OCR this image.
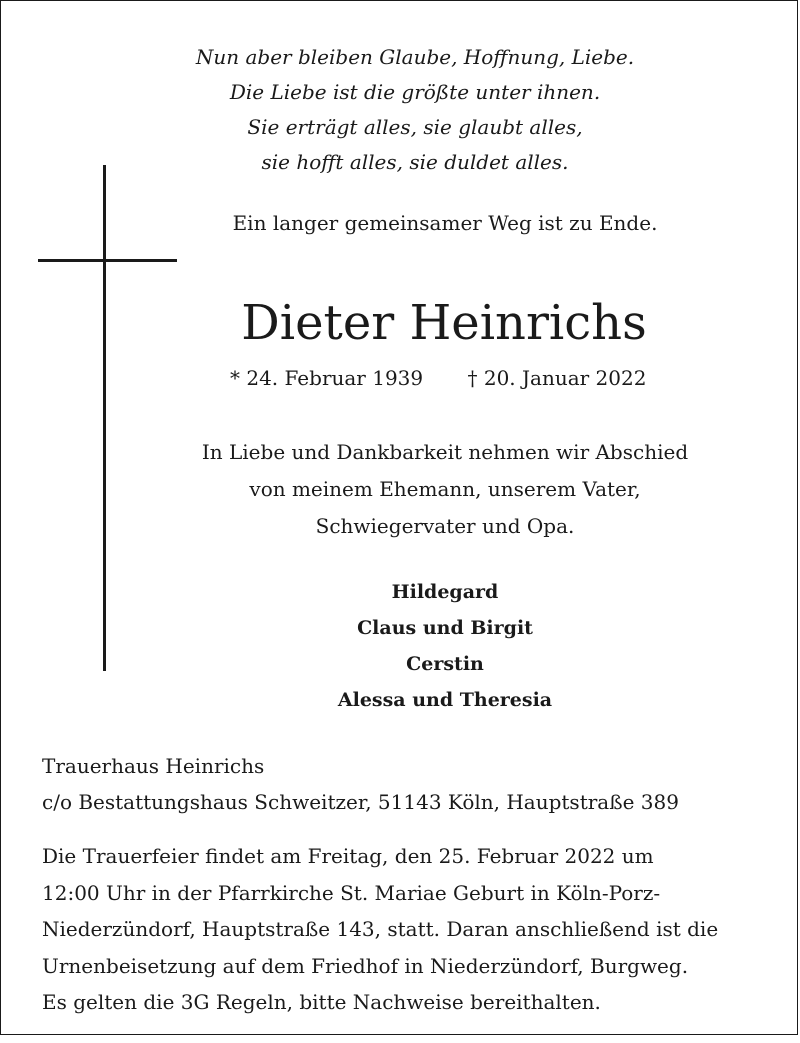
Nun aber bleiben Glaube, Hoffnung, Liebe.
Die Liebe ist die größte unter ihnen.
Sie erträgt alles, sie glaubt alles,
sie hofft alles, sie duldet alles.
Ein langer gemeinsamer Weg ist zu Ende.
Dieter Heinrichs
* 24. Februar 1939 † 20. Januar 2022
In Liebe und Dankbarkeit nehmen wir Abschied
von meinem Ehemann, unserem Vater,
Schwiegervater und Opa.
Hildegard
Claus und Birgit
Cerstin
Alessa und Theresia
Trauerhaus Heinrichs
c/o Bestattungshaus Schweitzer, 51143 Köln, Hauptstraße 389
Die Trauerfeier findet am Freitag, den 25. Februar 2022 um
12:00 Uhr in der Pfarrkirche St. Mariae Geburt in Köln-Porz-
Niederzündorf, Hauptstraße 143, statt. Daran anschließend ist die
Urnenbeisetzung auf dem Friedhof in Niederzündorf, Burgweg.
Es gelten die 3G Regeln, bitte Nachweise bereithalten.
